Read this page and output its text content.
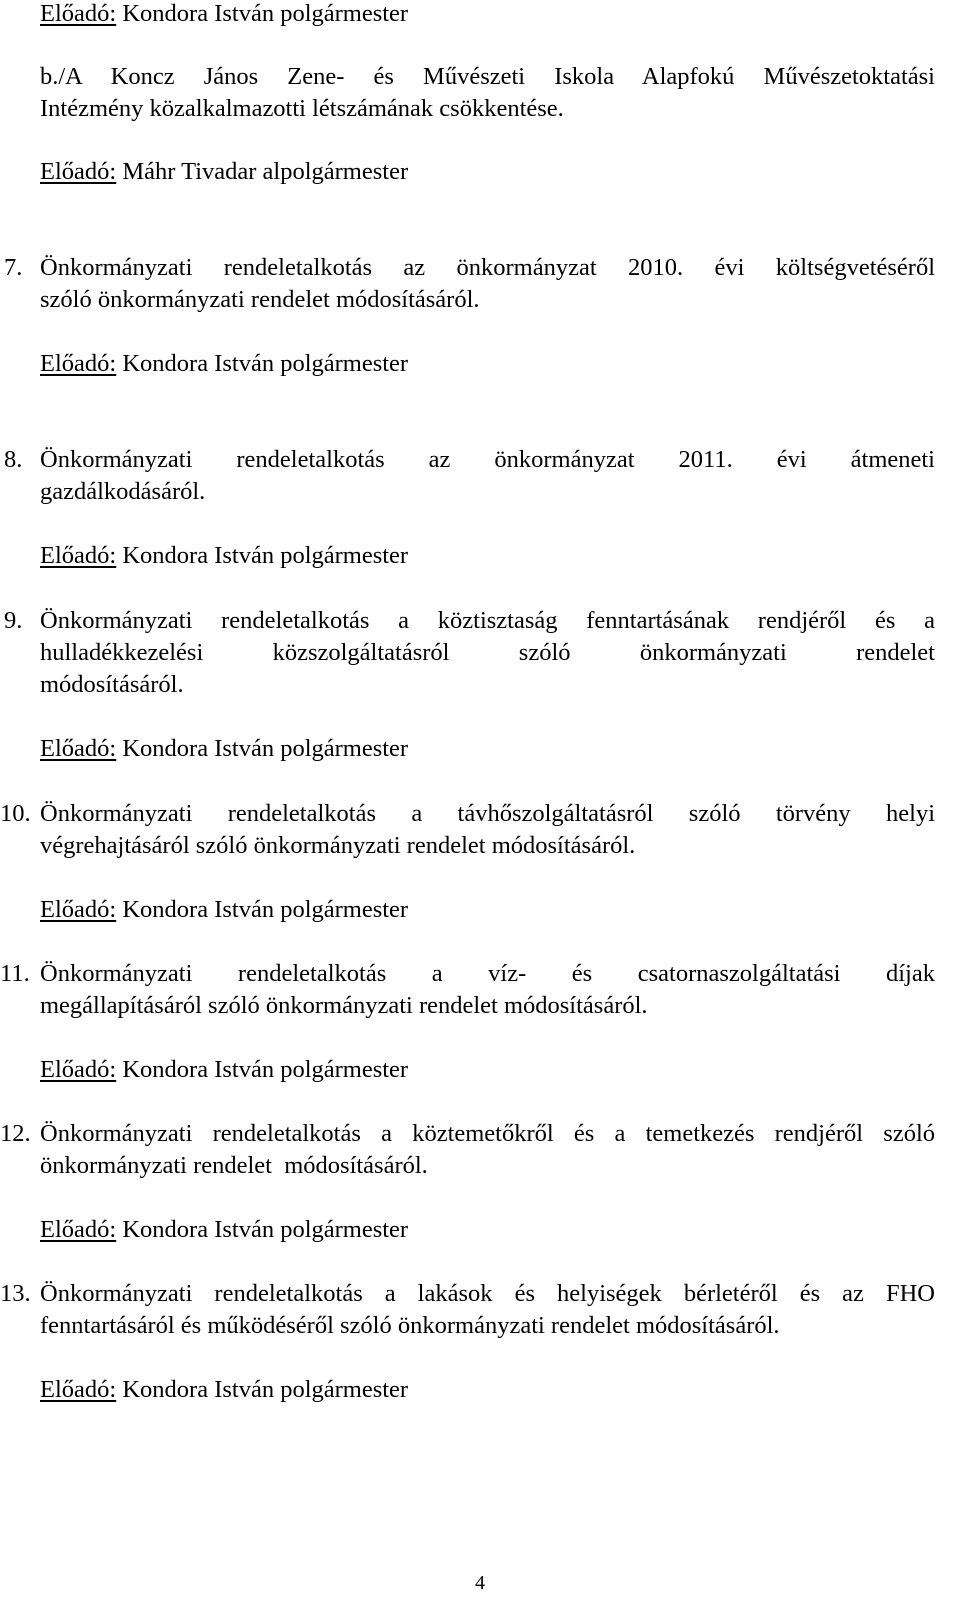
Előadó: Kondora István polgármester
b./A Koncz János Zene- és Művészeti Iskola Alapfokú Művészetoktatási
Intézmény közalkalmazotti létszámának csökkentése.
Előadó: Máhr Tivadar alpolgármester
7. Önkormányzati rendeletalkotás az önkormányzat 2010. évi költségvetéséről
szóló önkormányzati rendelet módosításáról.
Előadó: Kondora István polgármester
8. Önkormányzati rendeletalkotás az önkormányzat 2011. évi átmeneti
gazdálkodásáról.
Előadó: Kondora István polgármester
9. Önkormányzati rendeletalkotás a köztisztaság fenntartásának rendjéről és a
hulladékkezelési közszolgáltatásról szóló önkormányzati rendelet
módosításáról.
Előadó: Kondora István polgármester
10. Önkormányzati rendeletalkotás a távhőszolgáltatásról szóló törvény helyi
végrehajtásáról szóló önkormányzati rendelet módosításáról.
Előadó: Kondora István polgármester
11. Önkormányzati rendeletalkotás a víz- és csatornaszolgáltatási díjak
megállapításáról szóló önkormányzati rendelet módosításáról.
Előadó: Kondora István polgármester
12. Önkormányzati rendeletalkotás a köztemetőkről és a temetkezés rendjéről szóló
önkormányzati rendelet  módosításáról.
Előadó: Kondora István polgármester
13. Önkormányzati rendeletalkotás a lakások és helyiségek bérletéről és az FHO
fenntartásáról és működéséről szóló önkormányzati rendelet módosításáról.
Előadó: Kondora István polgármester
4
